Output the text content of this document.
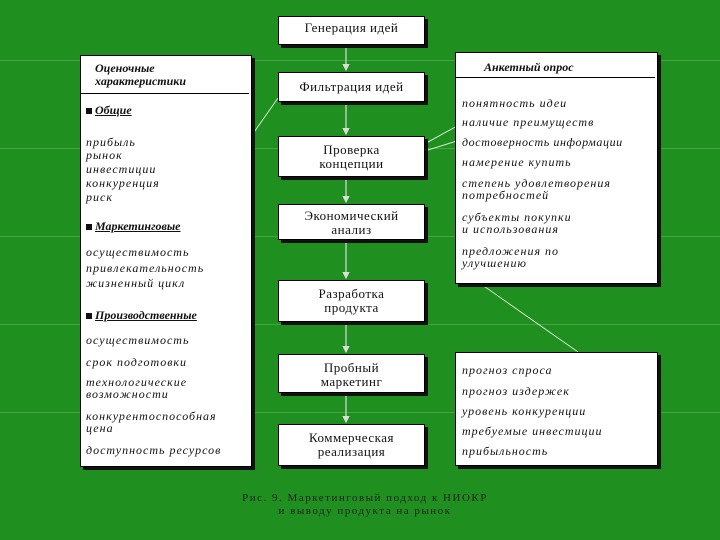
Генерация идей
Фильтрация идей
Проверка
концепции
Экономический
анализ
Разработка
продукта
Пробный
маркетинг
Коммерческая
реализация
Оценочные
характеристики
Общие
прибыль
рынок
инвестиции
конкуренция
риск
Маркетинговые
осуществимость
привлекательность
жизненный цикл
Производственные
осуществимость
срок подготовки
технологические
возможности
конкурентоспособная
цена
доступность ресурсов
Анкетный опрос
понятность идеи
наличие преимуществ
достоверность информации
намерение купить
степень удовлетворения
потребностей
субъекты покупки
и использования
предложения по
улучшению
прогноз спроса
прогноз издержек
уровень конкуренции
требуемые инвестиции
прибыльность
Рис. 9. Маркетинговый подход к НИОКР
и выводу продукта на рынок
